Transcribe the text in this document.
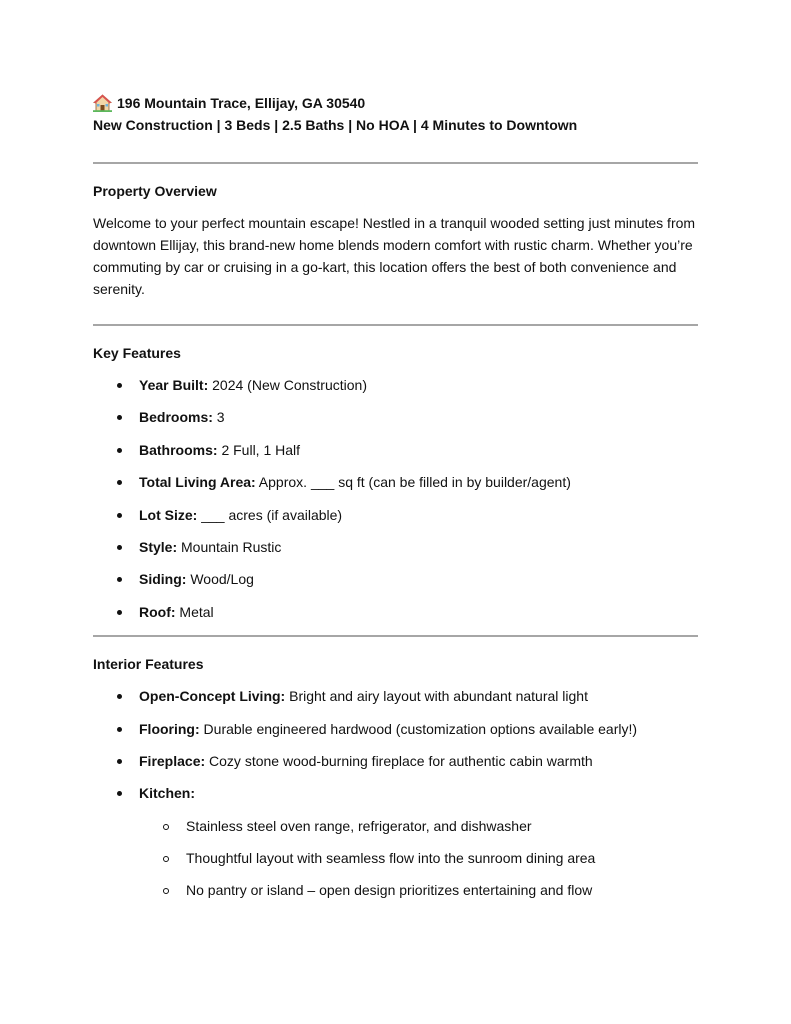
196 Mountain Trace, Ellijay, GA 30540
New Construction | 3 Beds | 2.5 Baths | No HOA | 4 Minutes to Downtown
Property Overview

Welcome to your perfect mountain escape! Nestled in a tranquil wooded setting just minutes from downtown Ellijay, this brand-new home blends modern comfort with rustic charm. Whether you’re commuting by car or cruising in a go-kart, this location offers the best of both convenience and serenity.

Key Features
Year Built: 2024 (New Construction)
Bedrooms: 3
Bathrooms: 2 Full, 1 Half
Total Living Area: Approx. ___ sq ft (can be filled in by builder/agent)
Lot Size: ___ acres (if available)
Style: Mountain Rustic
Siding: Wood/Log
Roof: Metal
Interior Features
Open-Concept Living: Bright and airy layout with abundant natural light
Flooring: Durable engineered hardwood (customization options available early!)
Fireplace: Cozy stone wood-burning fireplace for authentic cabin warmth
Kitchen:
Stainless steel oven range, refrigerator, and dishwasher
Thoughtful layout with seamless flow into the sunroom dining area
No pantry or island – open design prioritizes entertaining and flow
